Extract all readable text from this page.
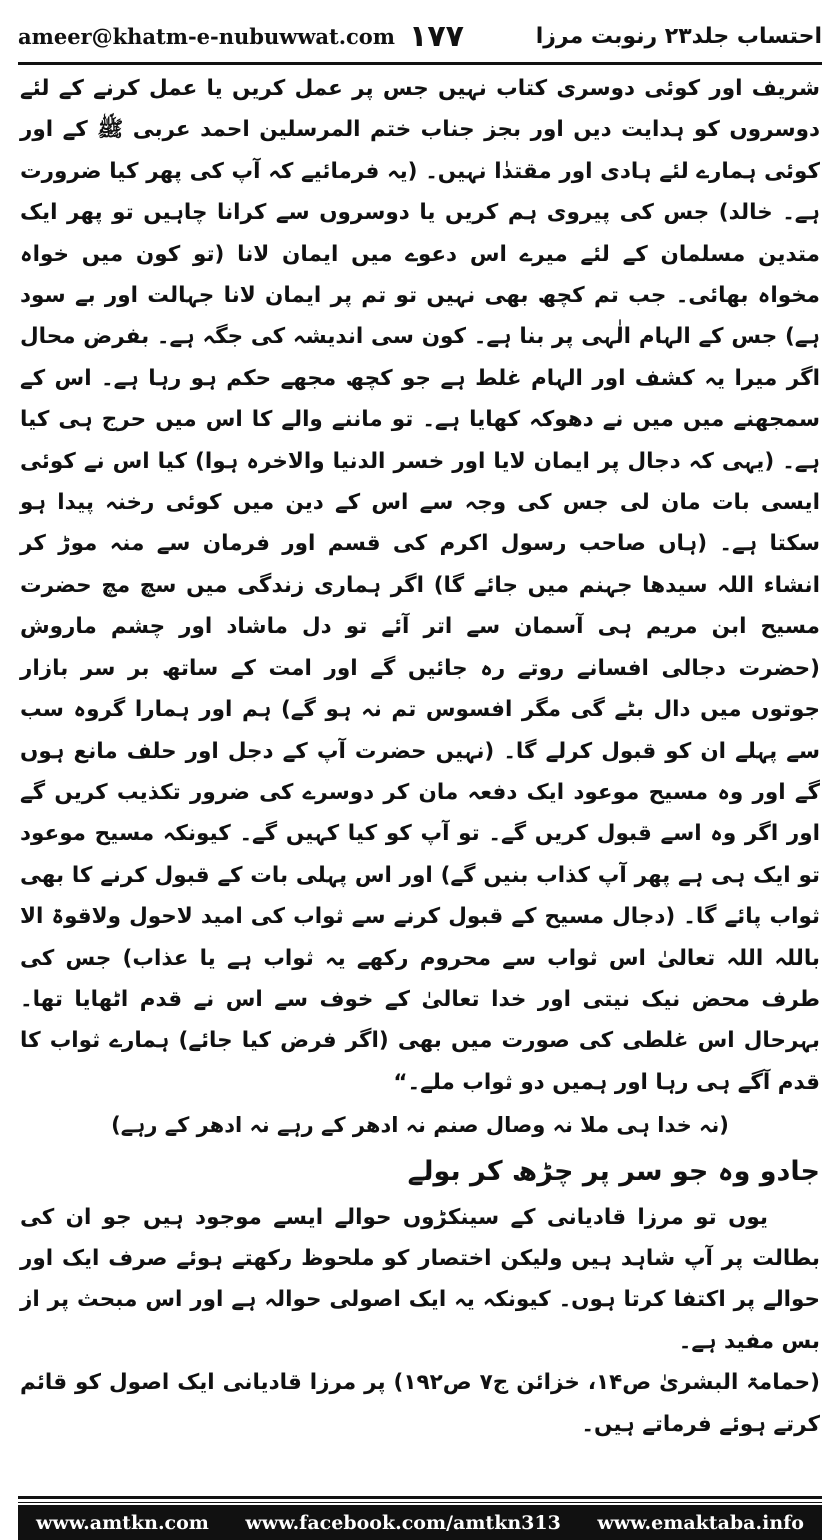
ameer@khatm-e-nubuwwat.com ۱۷۷	احتساب جلد۲۳ رنوبت مرزا

شریف اور کوئی دوسری کتاب نہیں جس پر عمل کریں یا عمل کرنے کے لئے دوسروں کو ہدایت دیں اور بجز جناب ختم المرسلین احمد عربی ﷺ کے اور کوئی ہمارے لئے ہادی اور مقتدٰا نہیں۔ (یہ فرمائیے کہ آپ کی پھر کیا ضرورت ہے۔ خالد) جس کی پیروی ہم کریں یا دوسروں سے کرانا چاہیں تو پھر ایک متدین مسلمان کے لئے میرے اس دعوے میں ایمان لانا (تو کون میں خواہ مخواہ بھائی۔ جب تم کچھ بھی نہیں تو تم پر ایمان لانا جہالت اور بے سود ہے) جس کے الہام الٰہی پر بنا ہے۔ کون سی اندیشہ کی جگہ ہے۔ بفرض محال اگر میرا یہ کشف اور الہام غلط ہے جو کچھ مجھے حکم ہو رہا ہے۔ اس کے سمجھنے میں میں نے دھوکہ کھایا ہے۔ تو ماننے والے کا اس میں حرج ہی کیا ہے۔ (یہی کہ دجال پر ایمان لایا اور خسر الدنیا والاخرہ ہوا) کیا اس نے کوئی ایسی بات مان لی جس کی وجہ سے اس کے دین میں کوئی رخنہ پیدا ہو سکتا ہے۔ (ہاں صاحب رسول اکرم کی قسم اور فرمان سے منہ موڑ کر انشاء اللہ سیدھا جہنم میں جائے گا) اگر ہماری زندگی میں سچ مچ حضرت مسیح ابن مریم ہی آسمان سے اتر آئے تو دل ماشاد اور چشم ماروش (حضرت دجالی افسانے روتے رہ جائیں گے اور امت کے ساتھ بر سر بازار جوتوں میں دال بٹے گی مگر افسوس تم نہ ہو گے) ہم اور ہمارا گروہ سب سے پہلے ان کو قبول کرلے گا۔ (نہیں حضرت آپ کے دجل اور حلف مانع ہوں گے اور وہ مسیح موعود ایک دفعہ مان کر دوسرے کی ضرور تکذیب کریں گے اور اگر وہ اسے قبول کریں گے۔ تو آپ کو کیا کہیں گے۔ کیونکہ مسیح موعود تو ایک ہی ہے پھر آپ کذاب بنیں گے) اور اس پہلی بات کے قبول کرنے کا بھی ثواب پائے گا۔ (دجال مسیح کے قبول کرنے سے ثواب کی امید لاحول ولاقوۃ الا باللہ اللہ تعالیٰ اس ثواب سے محروم رکھے یہ ثواب ہے یا عذاب) جس کی طرف محض نیک نیتی اور خدا تعالیٰ کے خوف سے اس نے قدم اٹھایا تھا۔ بہرحال اس غلطی کی صورت میں بھی (اگر فرض کیا جائے) ہمارے ثواب کا قدم آگے ہی رہا اور ہمیں دو ثواب ملے۔“

(نہ خدا ہی ملا نہ وصال صنم نہ ادھر کے رہے نہ ادھر کے رہے)

جادو وہ جو سر پر چڑھ کر بولے

یوں تو مرزا قادیانی کے سینکڑوں حوالے ایسے موجود ہیں جو ان کی بطالت پر آپ شاہد ہیں ولیکن اختصار کو ملحوظ رکھتے ہوئے صرف ایک اور حوالے پر اکتفا کرتا ہوں۔ کیونکہ یہ ایک اصولی حوالہ ہے اور اس مبحث پر از بس مفید ہے۔

(حمامۃ البشریٰ ص۱۴، خزائن ج۷ ص۱۹۲) پر مرزا قادیانی ایک اصول کو قائم کرتے ہوئے فرماتے ہیں۔

www.amtkn.com www.facebook.com/amtkn313 www.emaktaba.info
